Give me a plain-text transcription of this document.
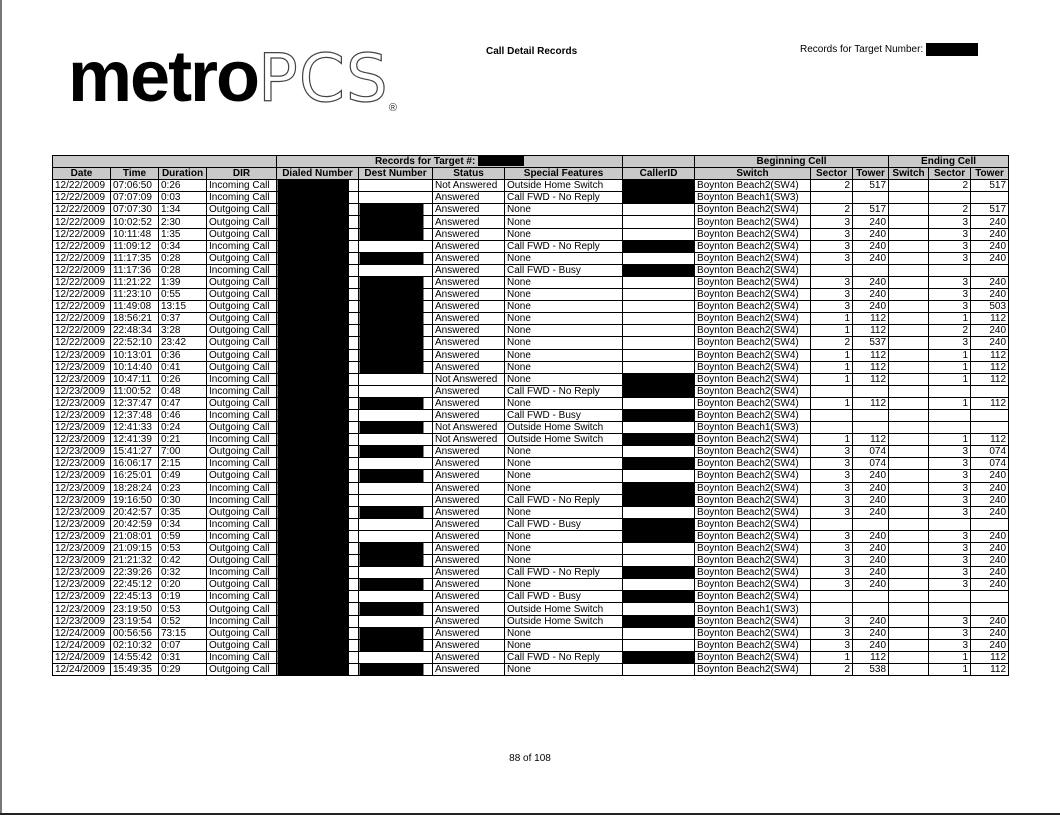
metroPCS®
Call Detail Records	Records for Target Number:
				Records for Target #:					Beginning Cell			Ending Cell		
Date	Time	Duration	DIR	Dialed Number	Dest Number	Status	Special Features	CallerID	Switch	Sector	Tower	Switch	Sector	Tower
12/22/2009	07:06:50	0:26	Incoming Call			Not Answered	Outside Home Switch		Boynton Beach2(SW4)	2	517		2	517
12/22/2009	07:07:09	0:03	Incoming Call			Answered	Call FWD - No Reply		Boynton Beach1(SW3)					
12/22/2009	07:07:30	1:34	Outgoing Call			Answered	None		Boynton Beach2(SW4)	2	517		2	517
12/22/2009	10:02:52	2:30	Outgoing Call			Answered	None		Boynton Beach2(SW4)	3	240		3	240
12/22/2009	10:11:48	1:35	Outgoing Call			Answered	None		Boynton Beach2(SW4)	3	240		3	240
12/22/2009	11:09:12	0:34	Incoming Call			Answered	Call FWD - No Reply		Boynton Beach2(SW4)	3	240		3	240
12/22/2009	11:17:35	0:28	Outgoing Call			Answered	None		Boynton Beach2(SW4)	3	240		3	240
12/22/2009	11:17:36	0:28	Incoming Call			Answered	Call FWD - Busy		Boynton Beach2(SW4)					
12/22/2009	11:21:22	1:39	Outgoing Call			Answered	None		Boynton Beach2(SW4)	3	240		3	240
12/22/2009	11:23:10	0:55	Outgoing Call			Answered	None		Boynton Beach2(SW4)	3	240		3	240
12/22/2009	11:49:08	13:15	Outgoing Call			Answered	None		Boynton Beach2(SW4)	3	240		3	503
12/22/2009	18:56:21	0:37	Outgoing Call			Answered	None		Boynton Beach2(SW4)	1	112		1	112
12/22/2009	22:48:34	3:28	Outgoing Call			Answered	None		Boynton Beach2(SW4)	1	112		2	240
12/22/2009	22:52:10	23:42	Outgoing Call			Answered	None		Boynton Beach2(SW4)	2	537		3	240
12/23/2009	10:13:01	0:36	Outgoing Call			Answered	None		Boynton Beach2(SW4)	1	112		1	112
12/23/2009	10:14:40	0:41	Outgoing Call			Answered	None		Boynton Beach2(SW4)	1	112		1	112
12/23/2009	10:47:11	0:26	Incoming Call			Not Answered	None		Boynton Beach2(SW4)	1	112		1	112
12/23/2009	11:00:52	0:48	Incoming Call			Answered	Call FWD - No Reply		Boynton Beach2(SW4)					
12/23/2009	12:37:47	0:47	Outgoing Call			Answered	None		Boynton Beach2(SW4)	1	112		1	112
12/23/2009	12:37:48	0:46	Incoming Call			Answered	Call FWD - Busy		Boynton Beach2(SW4)					
12/23/2009	12:41:33	0:24	Outgoing Call			Not Answered	Outside Home Switch		Boynton Beach1(SW3)					
12/23/2009	12:41:39	0:21	Incoming Call			Not Answered	Outside Home Switch		Boynton Beach2(SW4)	1	112		1	112
12/23/2009	15:41:27	7:00	Outgoing Call			Answered	None		Boynton Beach2(SW4)	3	074		3	074
12/23/2009	16:06:17	2:15	Incoming Call			Answered	None		Boynton Beach2(SW4)	3	074		3	074
12/23/2009	16:25:01	0:49	Outgoing Call			Answered	None		Boynton Beach2(SW4)	3	240		3	240
12/23/2009	18:28:24	0:23	Incoming Call			Answered	None		Boynton Beach2(SW4)	3	240		3	240
12/23/2009	19:16:50	0:30	Incoming Call			Answered	Call FWD - No Reply		Boynton Beach2(SW4)	3	240		3	240
12/23/2009	20:42:57	0:35	Outgoing Call			Answered	None		Boynton Beach2(SW4)	3	240		3	240
12/23/2009	20:42:59	0:34	Incoming Call			Answered	Call FWD - Busy		Boynton Beach2(SW4)					
12/23/2009	21:08:01	0:59	Incoming Call			Answered	None		Boynton Beach2(SW4)	3	240		3	240
12/23/2009	21:09:15	0:53	Outgoing Call			Answered	None		Boynton Beach2(SW4)	3	240		3	240
12/23/2009	21:21:32	0:42	Outgoing Call			Answered	None		Boynton Beach2(SW4)	3	240		3	240
12/23/2009	22:39:26	0:32	Incoming Call			Answered	Call FWD - No Reply		Boynton Beach2(SW4)	3	240		3	240
12/23/2009	22:45:12	0:20	Outgoing Call			Answered	None		Boynton Beach2(SW4)	3	240		3	240
12/23/2009	22:45:13	0:19	Incoming Call			Answered	Call FWD - Busy		Boynton Beach2(SW4)					
12/23/2009	23:19:50	0:53	Outgoing Call			Answered	Outside Home Switch		Boynton Beach1(SW3)					
12/23/2009	23:19:54	0:52	Incoming Call			Answered	Outside Home Switch		Boynton Beach2(SW4)	3	240		3	240
12/24/2009	00:56:56	73:15	Outgoing Call			Answered	None		Boynton Beach2(SW4)	3	240		3	240
12/24/2009	02:10:32	0:07	Outgoing Call			Answered	None		Boynton Beach2(SW4)	3	240		3	240
12/24/2009	14:55:42	0:31	Incoming Call			Answered	Call FWD - No Reply		Boynton Beach2(SW4)	1	112		1	112
12/24/2009	15:49:35	0:29	Outgoing Call			Answered	None		Boynton Beach2(SW4)	2	538		1	112
88 of 108
